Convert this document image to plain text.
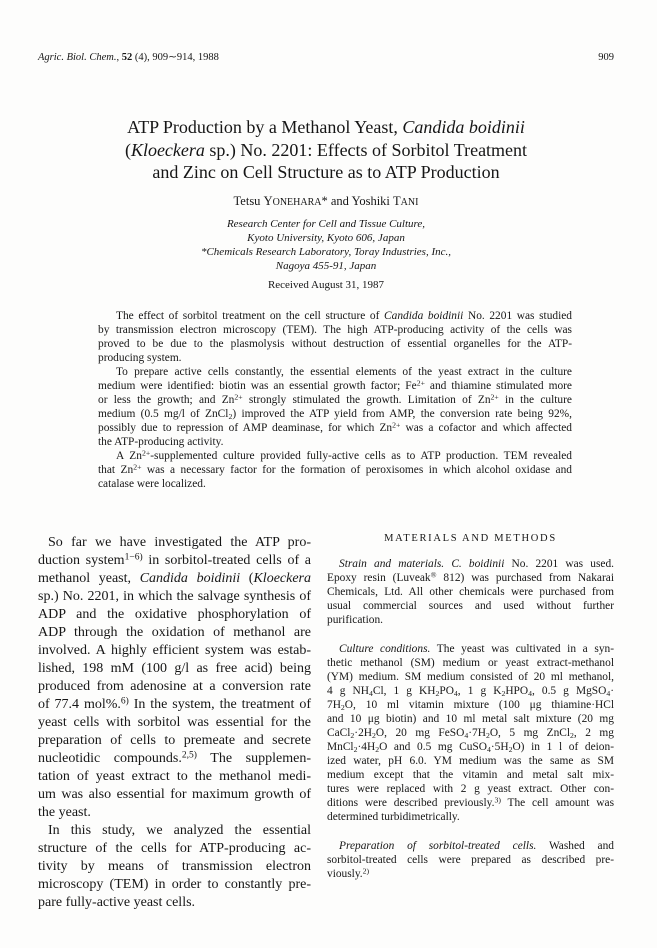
Agric. Biol. Chem., 52 (4), 909∼914, 1988	909
ATP Production by a Methanol Yeast, Candida boidinii
(Kloeckera sp.) No. 2201: Effects of Sorbitol Treatment
and Zinc on Cell Structure as to ATP Production
Tetsu YONEHARA* and Yoshiki TANI
Research Center for Cell and Tissue Culture,
Kyoto University, Kyoto 606, Japan
*Chemicals Research Laboratory, Toray Industries, Inc.,
Nagoya 455-91, Japan
Received August 31, 1987
The effect of sorbitol treatment on the cell structure of Candida boidinii No. 2201 was studied
by transmission electron microscopy (TEM). The high ATP-producing activity of the cells was
proved to be due to the plasmolysis without destruction of essential organelles for the ATP-
producing system.
To prepare active cells constantly, the essential elements of the yeast extract in the culture
medium were identified: biotin was an essential growth factor; $Fe^{2+}$ and thiamine stimulated more
or less the growth; and $Zn^{2+}$ strongly stimulated the growth. Limitation of $Zn^{2+}$ in the culture
medium (0.5 mg/l of ZnCl2) improved the ATP yield from AMP, the conversion rate being 92%,
possibly due to repression of AMP deaminase, for which $Zn^{2+}$ was a cofactor and which affected
the ATP-producing activity.
A $Zn^{2+}$-supplemented culture provided fully-active cells as to ATP production. TEM revealed
that $Zn^{2+}$ was a necessary factor for the formation of peroxisomes in which alcohol oxidase and
catalase were localized.
So far we have investigated the ATP pro-
duction system$^{1-6)}$ in sorbitol-treated cells of a
methanol yeast, Candida boidinii (Kloeckera
sp.) No. 2201, in which the salvage synthesis of
ADP and the oxidative phosphorylation of
ADP through the oxidation of methanol are
involved. A highly efficient system was estab-
lished, 198 mM (100 g/l as free acid) being
produced from adenosine at a conversion rate
of 77.4 mol%.$^{6)}$ In the system, the treatment of
yeast cells with sorbitol was essential for the
preparation of cells to premeate and secrete
nucleotidic compounds.$^{2,5)}$ The supplemen-
tation of yeast extract to the methanol medi-
um was also essential for maximum growth of
the yeast.
In this study, we analyzed the essential
structure of the cells for ATP-producing ac-
tivity by means of transmission electron
microscopy (TEM) in order to constantly pre-
pare fully-active yeast cells.
MATERIALS AND METHODS
Strain and materials. C. boidinii No. 2201 was used.
Epoxy resin (Luveak® 812) was purchased from Nakarai
Chemicals, Ltd. All other chemicals were purchased from
usual commercial sources and used without further
purification.
Culture conditions. The yeast was cultivated in a syn-
thetic methanol (SM) medium or yeast extract-methanol
(YM) medium. SM medium consisted of 20 ml methanol,
4 g NH4Cl, 1 g KH2PO4, 1 g K2HPO4, 0.5 g MgSO4·
7H2O, 10 ml vitamin mixture (100 μg thiamine·HCl
and 10 μg biotin) and 10 ml metal salt mixture (20 mg
CaCl2·2H2O, 20 mg FeSO4·7H2O, 5 mg ZnCl2, 2 mg
MnCl2·4H2O and 0.5 mg CuSO4·5H2O) in 1 l of deion-
ized water, pH 6.0. YM medium was the same as SM
medium except that the vitamin and metal salt mix-
tures were replaced with 2 g yeast extract. Other con-
ditions were described previously.$^{3)}$ The cell amount was
determined turbidimetrically.
Preparation of sorbitol-treated cells. Washed and
sorbitol-treated cells were prepared as described pre-
viously.$^{2)}$
